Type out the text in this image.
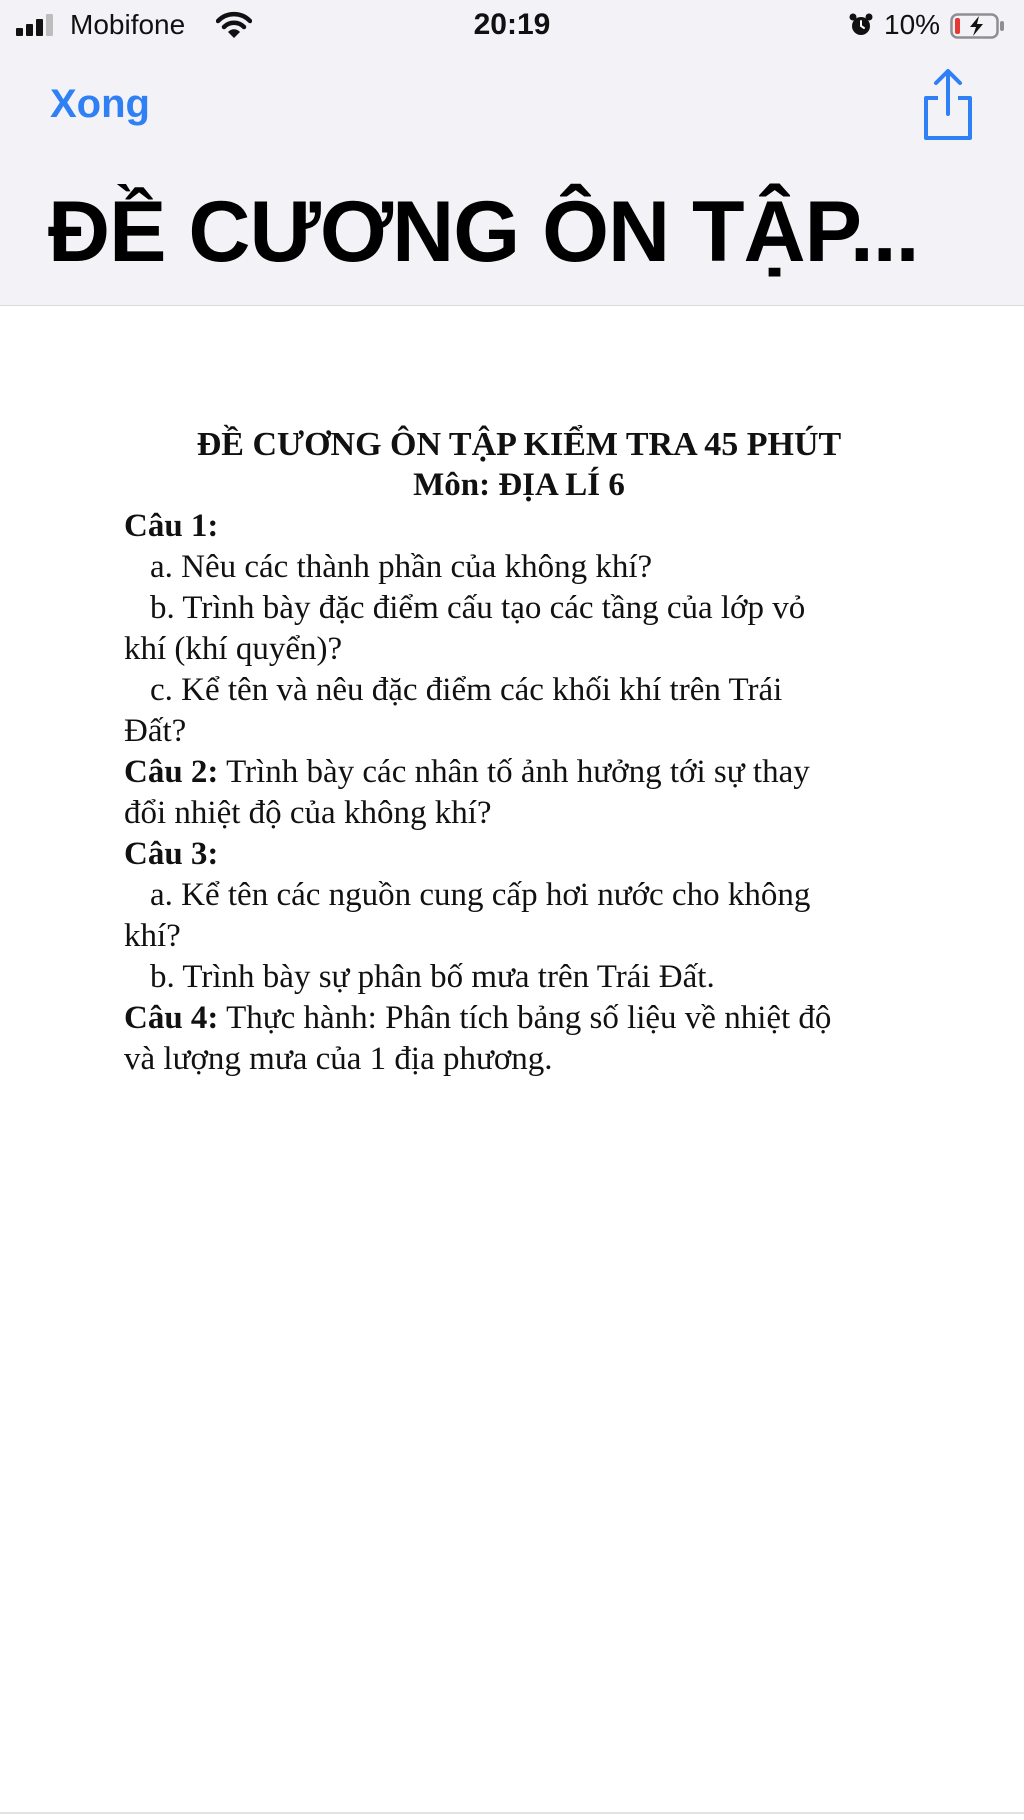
Mobifone	20:19	10%
Xong
ĐỀ CƯƠNG ÔN TẬP...

ĐỀ CƯƠNG ÔN TẬP KIỂM TRA 45 PHÚT

Môn: ĐỊA LÍ 6

Câu 1:

a. Nêu các thành phần của không khí?

b. Trình bày đặc điểm cấu tạo các tầng của lớp vỏ

khí (khí quyển)?

c. Kể tên và nêu đặc điểm các khối khí trên Trái

Đất?

Câu 2: Trình bày các nhân tố ảnh hưởng tới sự thay

đổi nhiệt độ của không khí?

Câu 3:

a. Kể tên các nguồn cung cấp hơi nước cho không

khí?

b. Trình bày sự phân bố mưa trên Trái Đất.

Câu 4: Thực hành: Phân tích bảng số liệu về nhiệt độ

và lượng mưa của 1 địa phương.
